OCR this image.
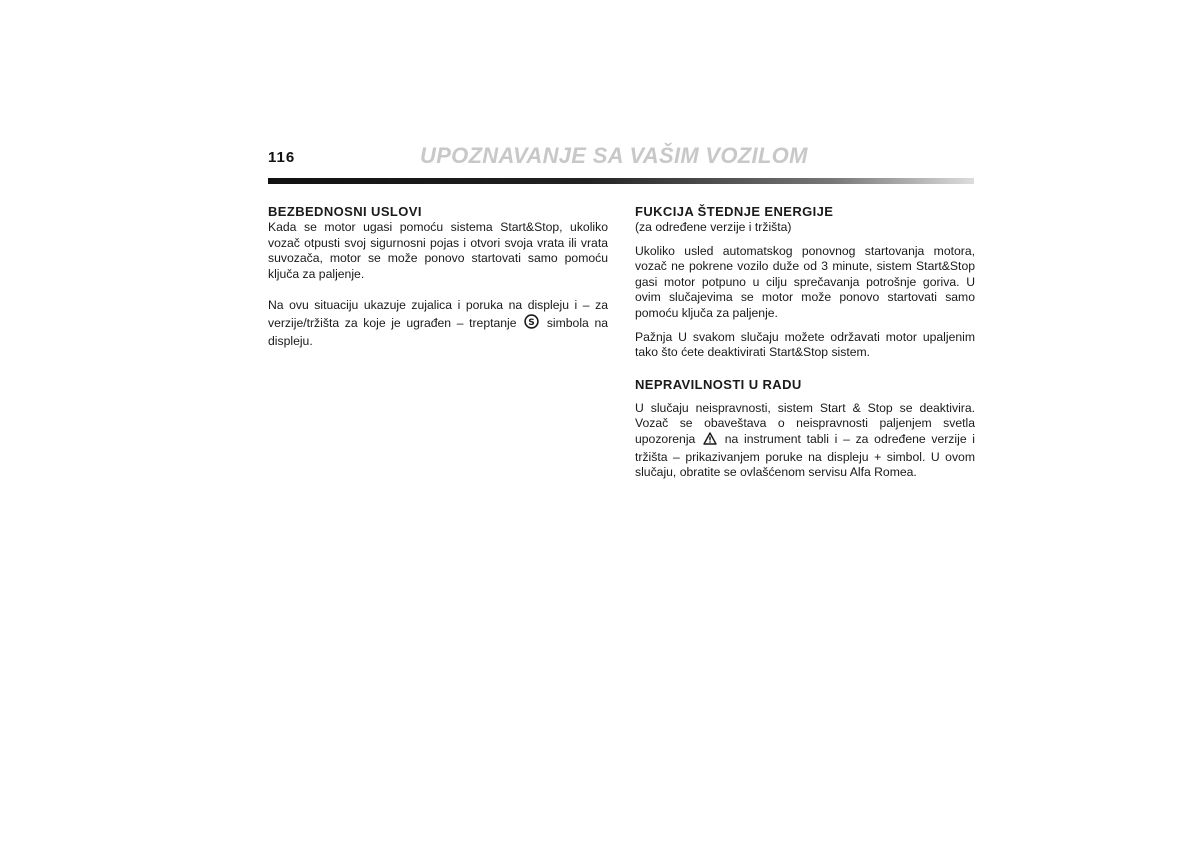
116	UPOZNAVANJE SA VAŠIM VOZILOM
BEZBEDNOSNI USLOVI

Kada se motor ugasi pomoću sistema Start&Stop, ukoliko vozač otpusti svoj sigurnosni pojas i otvori svoja vrata ili vrata suvozača, motor se može ponovo startovati samo pomoću ključa za paljenje.

Na ovu situaciju ukazuje zujalica i poruka na displeju i – za verzije/tržišta za koje je ugrađen – treptanje S simbola na displeju.

FUKCIJA ŠTEDNJE ENERGIJE

(za određene verzije i tržišta)

Ukoliko usled automatskog ponovnog startovanja motora, vozač ne pokrene vozilo duže od 3 minute, sistem Start&Stop gasi motor potpuno u cilju sprečavanja potrošnje goriva. U ovim slučajevima se motor može ponovo startovati samo pomoću ključa za paljenje.

Pažnja U svakom slučaju možete održavati motor upaljenim tako što ćete deaktivirati Start&Stop sistem.

NEPRAVILNOSTI U RADU

U slučaju neispravnosti, sistem Start & Stop se deaktivira. Vozač se obaveštava o neispravnosti paljenjem svetla upozorenja na instrument tabli i – za određene verzije i tržišta – prikazivanjem poruke na displeju + simbol. U ovom slučaju, obratite se ovlašćenom servisu Alfa Romea.
